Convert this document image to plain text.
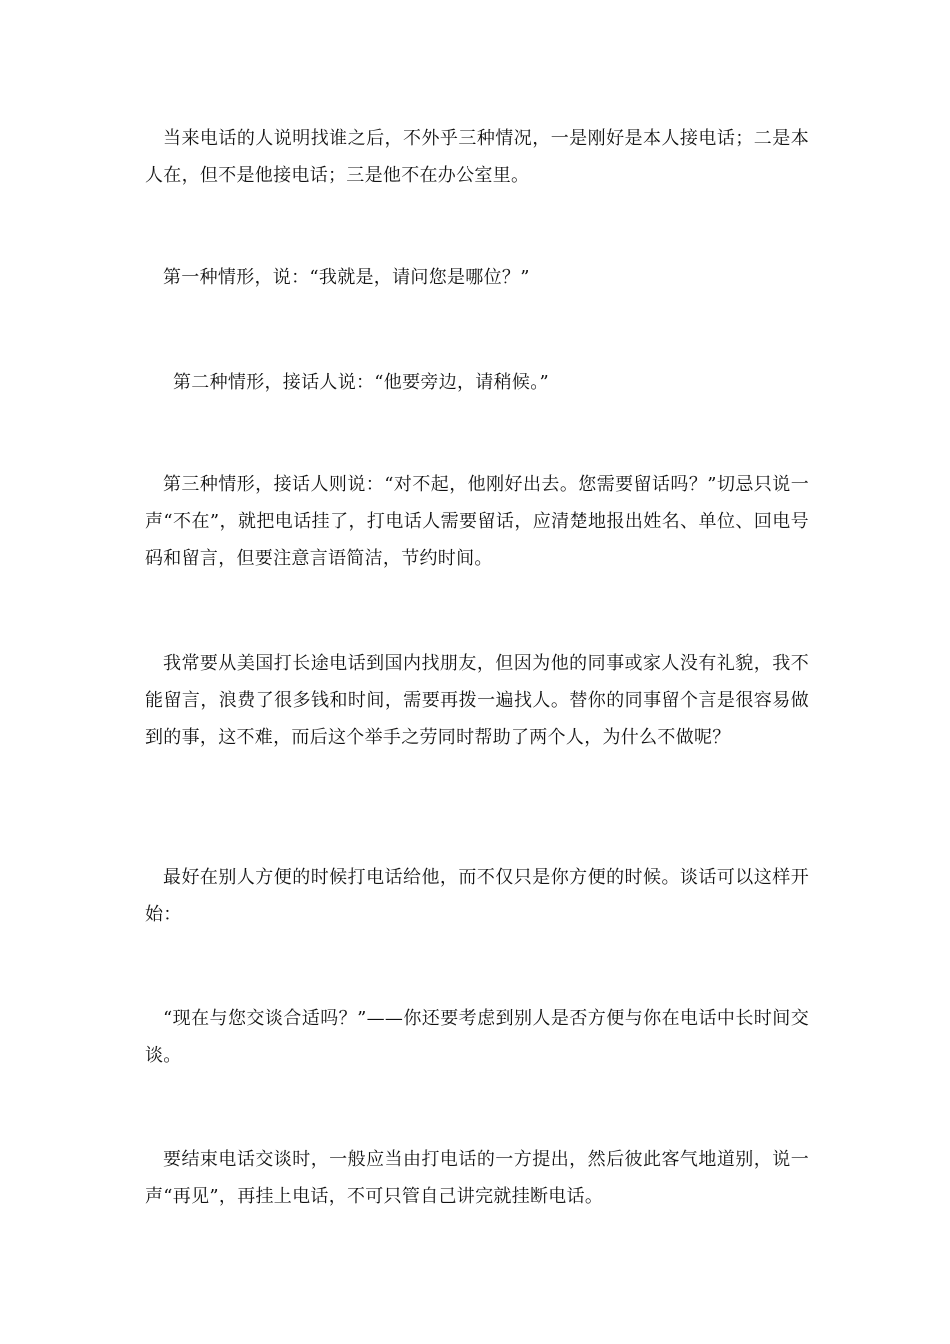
当来电话的人说明找谁之后，不外乎三种情况，一是刚好是本人接电话；二是本人在，但不是他接电话；三是他不在办公室里。

第一种情形，说：“我就是，请问您是哪位？”

第二种情形，接话人说：“他要旁边，请稍候。”

第三种情形，接话人则说：“对不起，他刚好出去。您需要留话吗？”切忌只说一声“不在”，就把电话挂了，打电话人需要留话，应清楚地报出姓名、单位、回电号码和留言，但要注意言语简洁，节约时间。

我常要从美国打长途电话到国内找朋友，但因为他的同事或家人没有礼貌，我不能留言，浪费了很多钱和时间，需要再拨一遍找人。替你的同事留个言是很容易做到的事，这不难，而后这个举手之劳同时帮助了两个人，为什么不做呢？

最好在别人方便的时候打电话给他，而不仅只是你方便的时候。谈话可以这样开始：

“现在与您交谈合适吗？”——你还要考虑到别人是否方便与你在电话中长时间交谈。

要结束电话交谈时，一般应当由打电话的一方提出，然后彼此客气地道别，说一声“再见”，再挂上电话，不可只管自己讲完就挂断电话。
